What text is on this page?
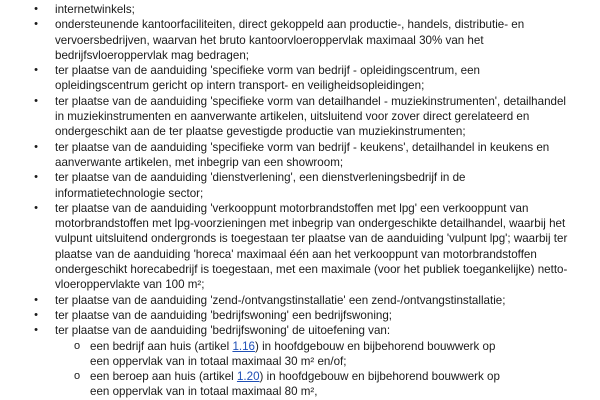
• internetwinkels;
• ondersteunende kantoorfaciliteiten, direct gekoppeld aan productie-, handels, distributie- en vervoersbedrijven, waarvan het bruto kantoorvloeroppervlak maximaal 30% van het bedrijfsvloeroppervlak mag bedragen;
• ter plaatse van de aanduiding 'specifieke vorm van bedrijf - opleidingscentrum, een opleidingscentrum gericht op intern transport- en veiligheidsopleidingen;
• ter plaatse van de aanduiding 'specifieke vorm van detailhandel - muziekinstrumenten', detailhandel in muziekinstrumenten en aanverwante artikelen, uitsluitend voor zover direct gerelateerd en ondergeschikt aan de ter plaatse gevestigde productie van muziekinstrumenten;
• ter plaatse van de aanduiding 'specifieke vorm van bedrijf - keukens', detailhandel in keukens en aanverwante artikelen, met inbegrip van een showroom;
• ter plaatse van de aanduiding 'dienstverlening', een dienstverleningsbedrijf in de informatietechnologie sector;
• ter plaatse van de aanduiding 'verkooppunt motorbrandstoffen met lpg' een verkooppunt van motorbrandstoffen met lpg-voorzieningen met inbegrip van ondergeschikte detailhandel, waarbij het vulpunt uitsluitend ondergronds is toegestaan ter plaatse van de aanduiding 'vulpunt lpg'; waarbij ter plaatse van de aanduiding 'horeca' maximaal één aan het verkooppunt van motorbrandstoffen ondergeschikt horecabedrijf is toegestaan, met een maximale (voor het publiek toegankelijke) netto-vloeroppervlakte van 100 m²;
• ter plaatse van de aanduiding 'zend-/ontvangstinstallatie' een zend-/ontvangstinstallatie;
• ter plaatse van de aanduiding 'bedrijfswoning' een bedrijfswoning;
• ter plaatse van de aanduiding 'bedrijfswoning' de uitoefening van:
o een bedrijf aan huis (artikel 1.16) in hoofdgebouw en bijbehorend bouwwerk op een oppervlak van in totaal maximaal 30 m² en/of;
o een beroep aan huis (artikel 1.20) in hoofdgebouw en bijbehorend bouwwerk op een oppervlak van in totaal maximaal 80 m²,
